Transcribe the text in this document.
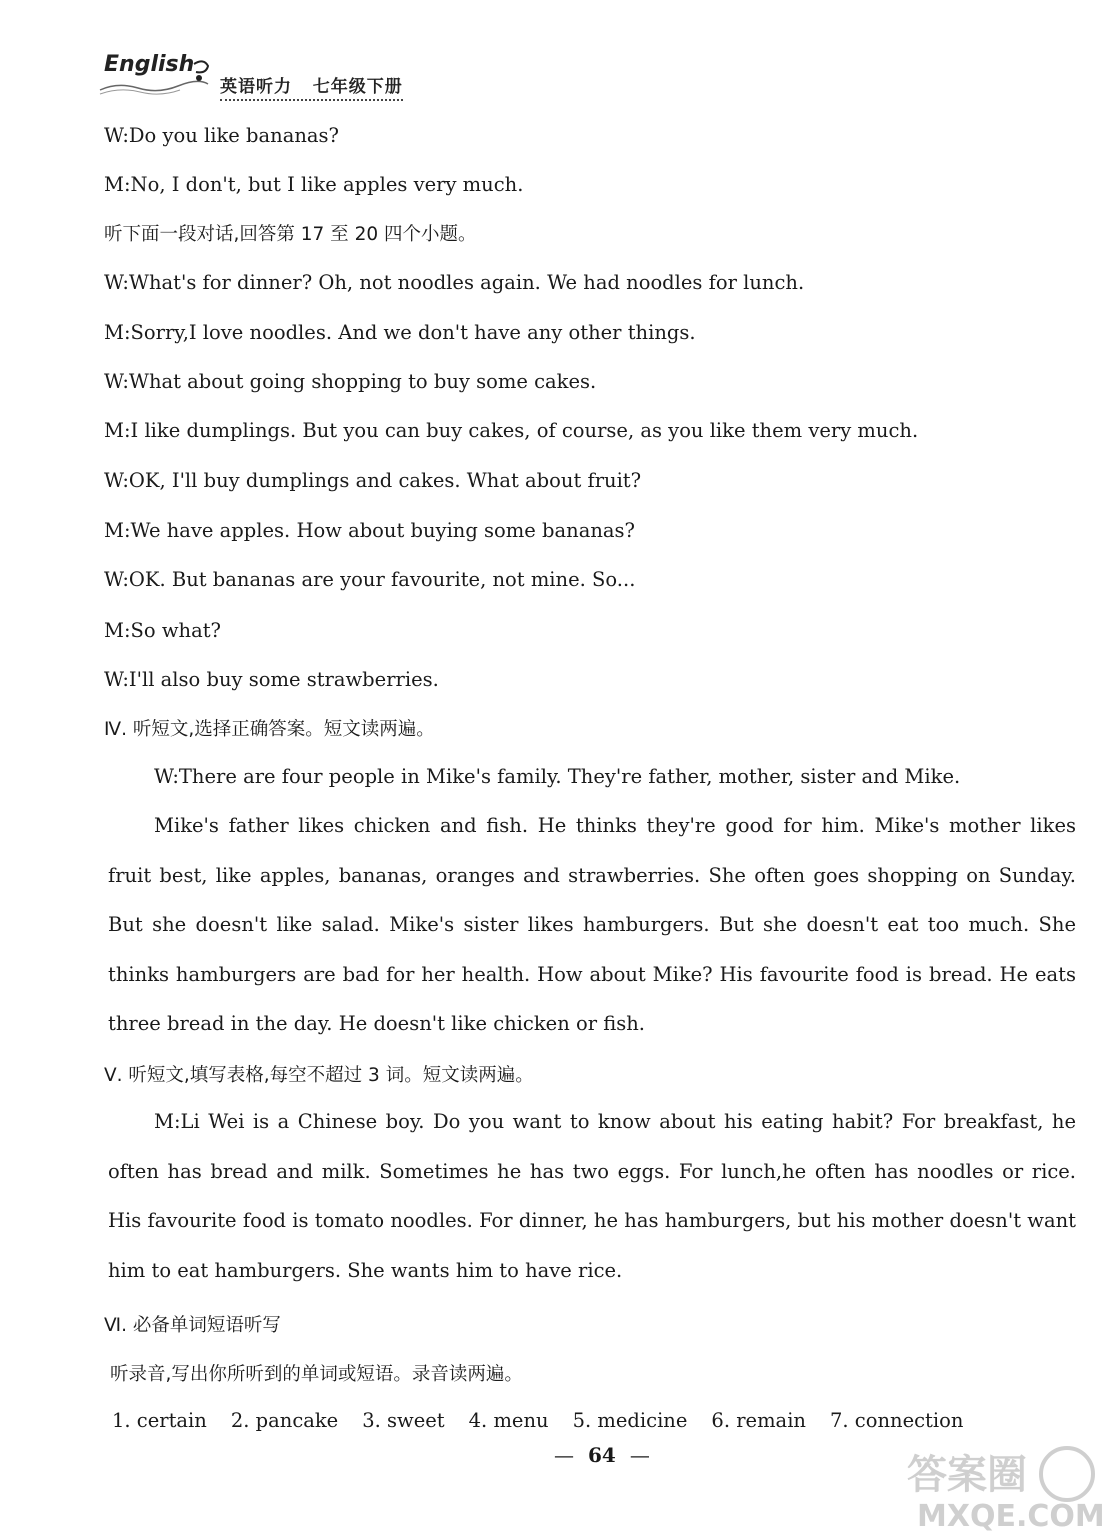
English
英语听力   七年级下册
W:Do you like bananas?
M:No, I don't, but I like apples very much.
听下面一段对话,回答第 17 至 20 四个小题。
W:What's for dinner? Oh, not noodles again. We had noodles for lunch.
M:Sorry,I love noodles. And we don't have any other things.
W:What about going shopping to buy some cakes.
M:I like dumplings. But you can buy cakes, of course, as you like them very much.
W:OK, I'll buy dumplings and cakes. What about fruit?
M:We have apples. How about buying some bananas?
W:OK. But bananas are your favourite, not mine. So...
M:So what?
W:I'll also buy some strawberries.
Ⅳ. 听短文,选择正确答案。短文读两遍。
W:There are four people in Mike's family. They're father, mother, sister and Mike.
Mike's father likes chicken and fish. He thinks they're good for him. Mike's mother likes fruit best, like apples, bananas, oranges and strawberries. She often goes shopping on Sunday. But she doesn't like salad. Mike's sister likes hamburgers. But she doesn't eat too much. She thinks hamburgers are bad for her health. How about Mike? His favourite food is bread. He eats three bread in the day. He doesn't like chicken or fish.
Ⅴ. 听短文,填写表格,每空不超过 3 词。短文读两遍。
M:Li Wei is a Chinese boy. Do you want to know about his eating habit? For breakfast, he often has bread and milk. Sometimes he has two eggs. For lunch,he often has noodles or rice. His favourite food is tomato noodles. For dinner, he has hamburgers, but his mother doesn't want him to eat hamburgers. She wants him to have rice.
Ⅵ. 必备单词短语听写
听录音,写出你所听到的单词或短语。录音读两遍。
1. certain 2. pancake 3. sweet 4. menu 5. medicine 6. remain 7. connection
— 64 —	答案圈
MXQE.COM
